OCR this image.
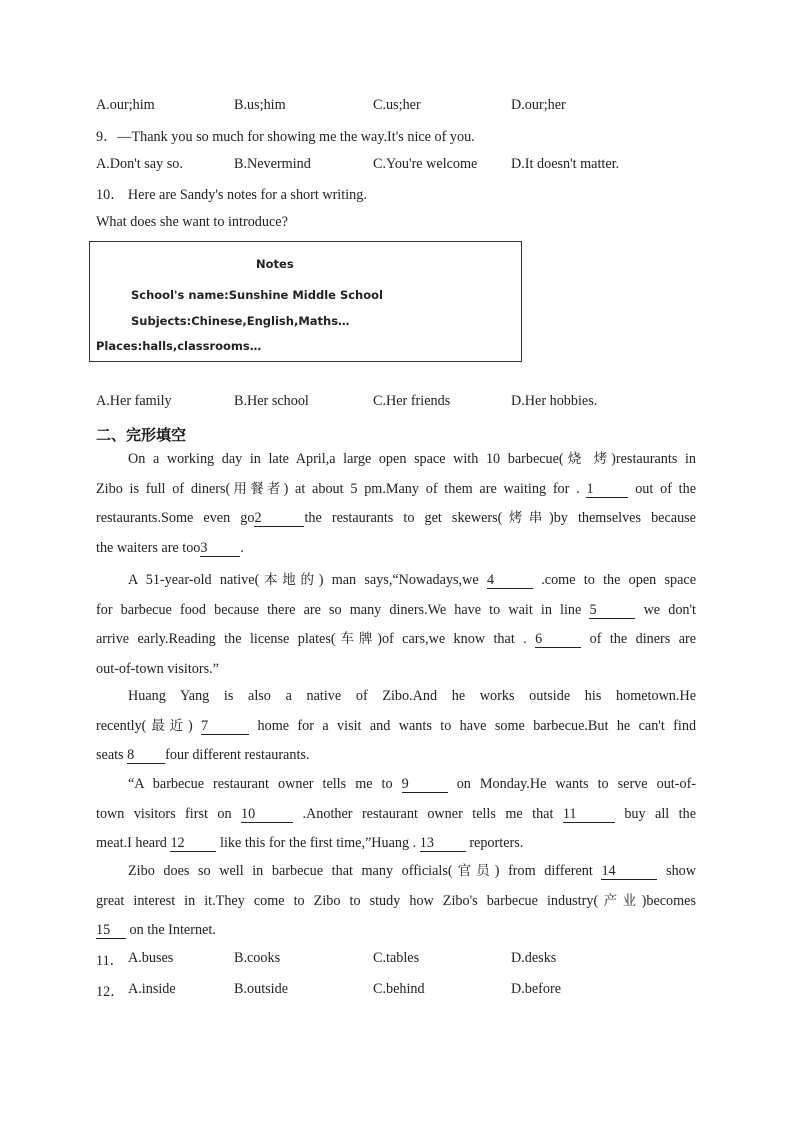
A.our;him	B.us;him	C.us;her	D.our;her
9．—Thank you so much for showing me the way.It's nice of you.
A.Don't say so.	B.Nevermind	C.You're welcome D.It doesn't matter.
10． Here are Sandy's notes for a short writing.
What does she want to introduce?
Notes
School's name:Sunshine Middle School
Subjects:Chinese,English,Maths…
Places:halls,classrooms…
A.Her family	B.Her school	C.Her friends	D.Her hobbies.
二、完形填空
On a working day in late April,a large open space with 10 barbecue(烧 烤)restaurants in
Zibo is full of diners(用餐者) at about 5 pm.Many of them are waiting for . 1 out of the
restaurants.Some even go2	the restaurants to get skewers(烤串)by themselves because
the waiters are too3 .
A 51-year-old native(本地的) man says,“Nowadays,we 4	.come to the open space
for barbecue food because there are so many diners.We have to wait in line 5	we don't
arrive early.Reading the license plates(车牌)of cars,we know that . 6	of the diners are
out-of-town visitors.”
Huang Yang is also a native of Zibo.And he works outside his hometown.He
recently(最近) 7	home for a visit and wants to have some barbecue.But he can't find
seats 8 four different restaurants.
“A barbecue restaurant owner tells me to 9	on Monday.He wants to serve out-of-
town visitors first on 10	.Another restaurant owner tells me that 11	buy all the
meat.I heard 12 like this for the first time,”Huang . 13 reporters.
Zibo does so well in barbecue that many officials(官员) from different 14	show
great interest in it.They come to Zibo to study how Zibo's barbecue industry(产业)becomes
15 on the Internet.
11． A.buses	B.cooks	C.tables	D.desks
12． A.inside	B.outside	C.behind	D.before
